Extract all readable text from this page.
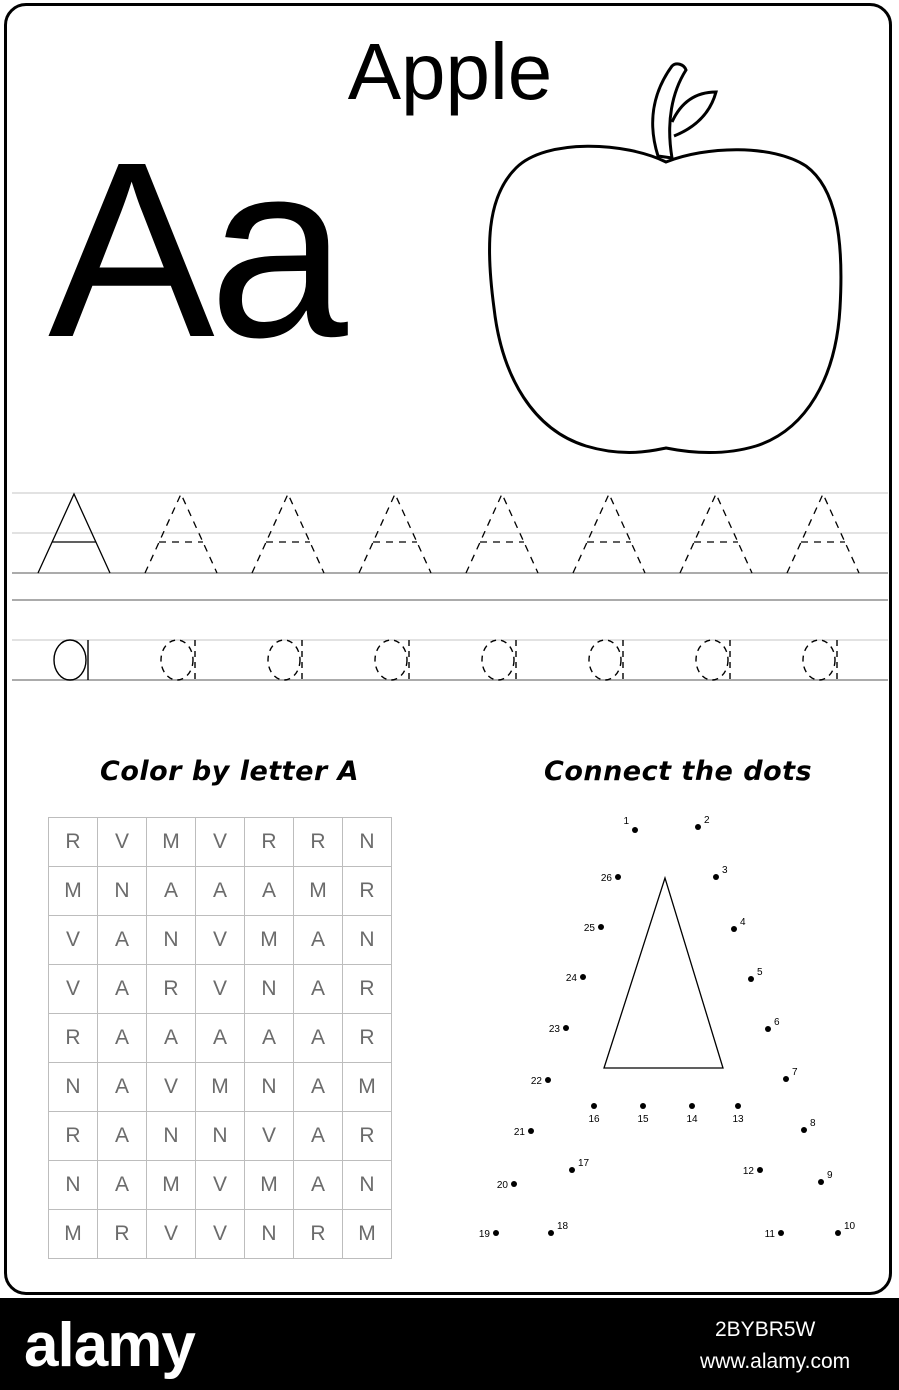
Apple
Aa
Color by letter A	Connect the dots
R	V	M	V	R	R	N
M	N	A	A	A	M	R
V	A	N	V	M	A	N
V	A	R	V	N	A	R
R	A	A	A	A	A	R
N	A	V	M	N	A	M
R	A	N	N	V	A	R
N	A	M	V	M	A	N
M	R	V	V	N	R	M
1	2
3
4
5
6
7
8
9
10
11
12
13
14
15
16
17
18
19
20
21
22
23
24
25
26
alamy	2BYBR5W
www.alamy.com
